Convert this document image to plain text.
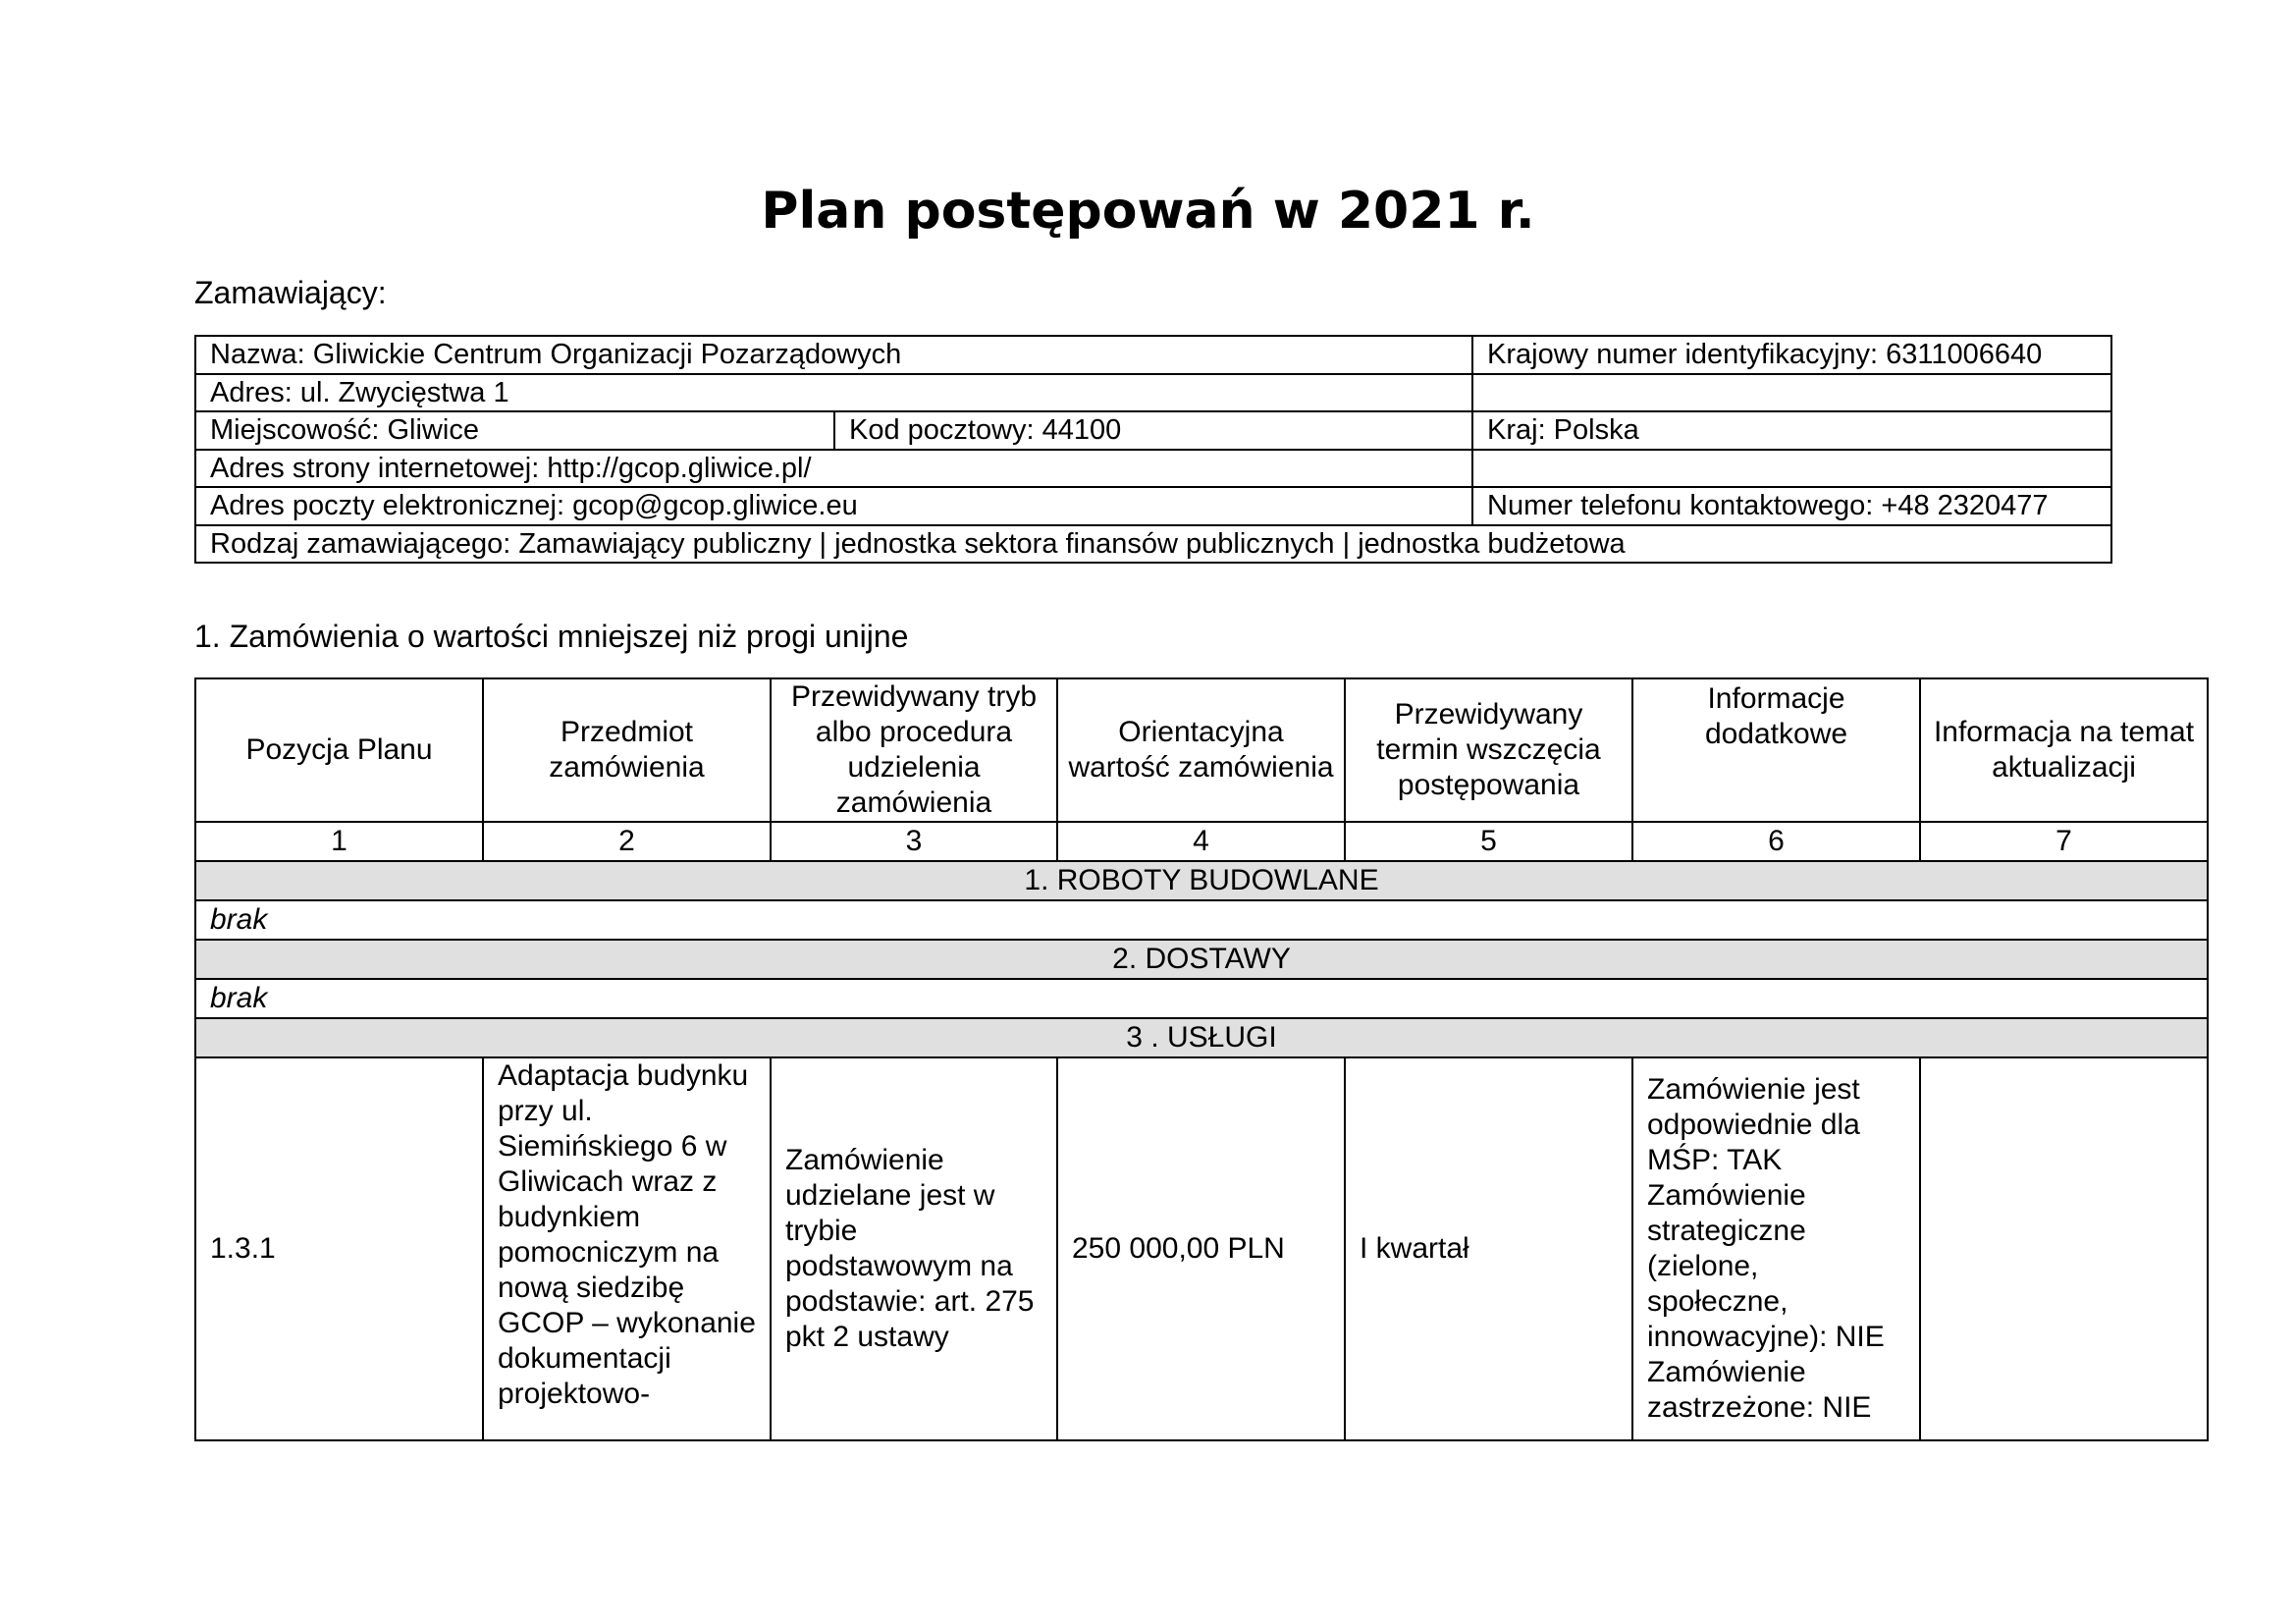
Plan postępowań w 2021 r.
Zamawiający:
Nazwa: Gliwickie Centrum Organizacji Pozarządowych		Krajowy numer identyfikacyjny: 6311006640
Adres: ul. Zwycięstwa 1		
Miejscowość: Gliwice	Kod pocztowy: 44100	Kraj: Polska
Adres strony internetowej: http://gcop.gliwice.pl/		
Adres poczty elektronicznej: gcop@gcop.gliwice.eu		Numer telefonu kontaktowego: +48 2320477
Rodzaj zamawiającego: Zamawiający publiczny | jednostka sektora finansów publicznych | jednostka budżetowa		
1. Zamówienia o wartości mniejszej niż progi unijne
Pozycja Planu	Przedmiot zamówienia	Przewidywany tryb albo procedura udzielenia zamówienia	Orientacyjna wartość zamówienia	Przewidywany termin wszczęcia postępowania	Informacje dodatkowe	Informacja na temat aktualizacji
1	2	3	4	5	6	7
1. ROBOTY BUDOWLANE						
brak						
2. DOSTAWY						
brak						
3 . USŁUGI						
1.3.1	Adaptacja budynku przy ul. Siemińskiego 6 w Gliwicach wraz z budynkiem pomocniczym na nową siedzibę GCOP – wykonanie dokumentacji projektowo-	Zamówienie udzielane jest w trybie podstawowym na podstawie: art. 275 pkt 2 ustawy	250 000,00 PLN	I kwartał	Zamówienie jest odpowiednie dla MŚP: TAK Zamówienie strategiczne (zielone, społeczne, innowacyjne): NIE Zamówienie zastrzeżone: NIE	
